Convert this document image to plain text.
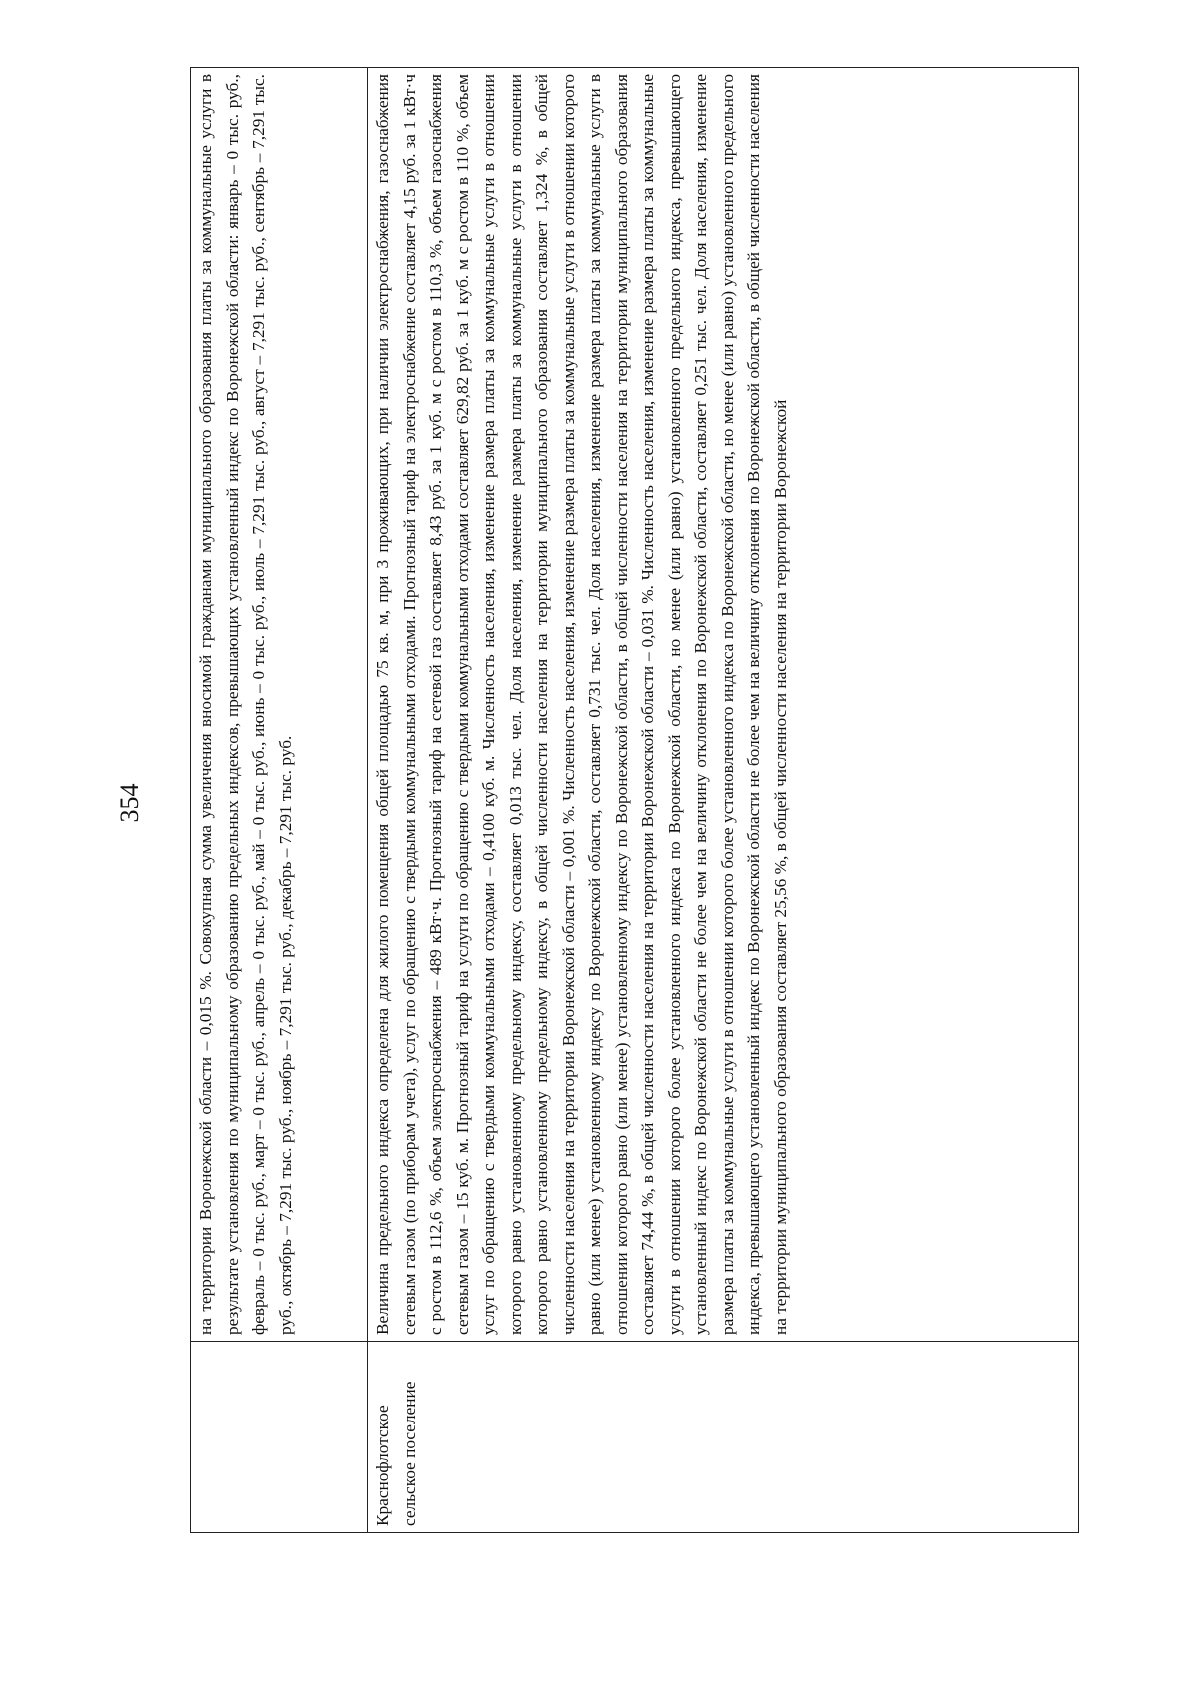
354

	на территории Воронежской области – 0,015 %. Совокупная сумма увеличения вносимой гражданами муниципального образования платы за коммунальные услуги в результате установления по муниципальному образованию предельных индексов, превышающих установленный индекс по Воронежской области: январь – 0 тыс. руб., февраль – 0 тыс. руб., март – 0 тыс. руб., апрель – 0 тыс. руб., май – 0 тыс. руб., июнь – 0 тыс. руб., июль – 7,291 тыс. руб., август – 7,291 тыс. руб., сентябрь – 7,291 тыс. руб., октябрь – 7,291 тыс. руб., ноябрь – 7,291 тыс. руб., декабрь – 7,291 тыс. руб.

Краснофлотское сельское поселение	Величина предельного индекса определена для жилого помещения общей площадью 75 кв. м, при 3 проживающих, при наличии электроснабжения, газоснабжения сетевым газом (по приборам учета), услуг по обращению с твердыми коммунальными отходами. Прогнозный тариф на электроснабжение составляет 4,15 руб. за 1 кВт·ч с ростом в 112,6 %, объем электроснабжения – 489 кВт·ч. Прогнозный тариф на сетевой газ составляет 8,43 руб. за 1 куб. м с ростом в 110,3 %, объем газоснабжения сетевым газом – 15 куб. м. Прогнозный тариф на услуги по обращению с твердыми коммунальными отходами составляет 629,82 руб. за 1 куб. м с ростом в 110 %, объем услуг по обращению с твердыми коммунальными отходами – 0,4100 куб. м. Численность населения, изменение размера платы за коммунальные услуги в отношении которого равно установленному предельному индексу, составляет 0,013 тыс. чел. Доля населения, изменение размера платы за коммунальные услуги в отношении которого равно установленному предельному индексу, в общей численности населения на территории муниципального образования составляет 1,324 %, в общей численности населения на территории Воронежской области – 0,001 %. Численность населения, изменение размера платы за коммунальные услуги в отношении которого равно (или менее) установленному индексу по Воронежской области, составляет 0,731 тыс. чел. Доля населения, изменение размера платы за коммунальные услуги в отношении которого равно (или менее) установленному индексу по Воронежской области, в общей численности населения на территории муниципального образования составляет 74,44 %, в общей численности населения на территории Воронежской области – 0,031 %. Численность населения, изменение размера платы за коммунальные услуги в отношении которого более установленного индекса по Воронежской области, но менее (или равно) установленного предельного индекса, превышающего установленный индекс по Воронежской области не более чем на величину отклонения по Воронежской области, составляет 0,251 тыс. чел. Доля населения, изменение размера платы за коммунальные услуги в отношении которого более установленного индекса по Воронежской области, но менее (или равно) установленного предельного индекса, превышающего установленный индекс по Воронежской области не более чем на величину отклонения по Воронежской области, в общей численности населения на территории муниципального образования составляет 25,56 %, в общей численности населения на территории Воронежской
